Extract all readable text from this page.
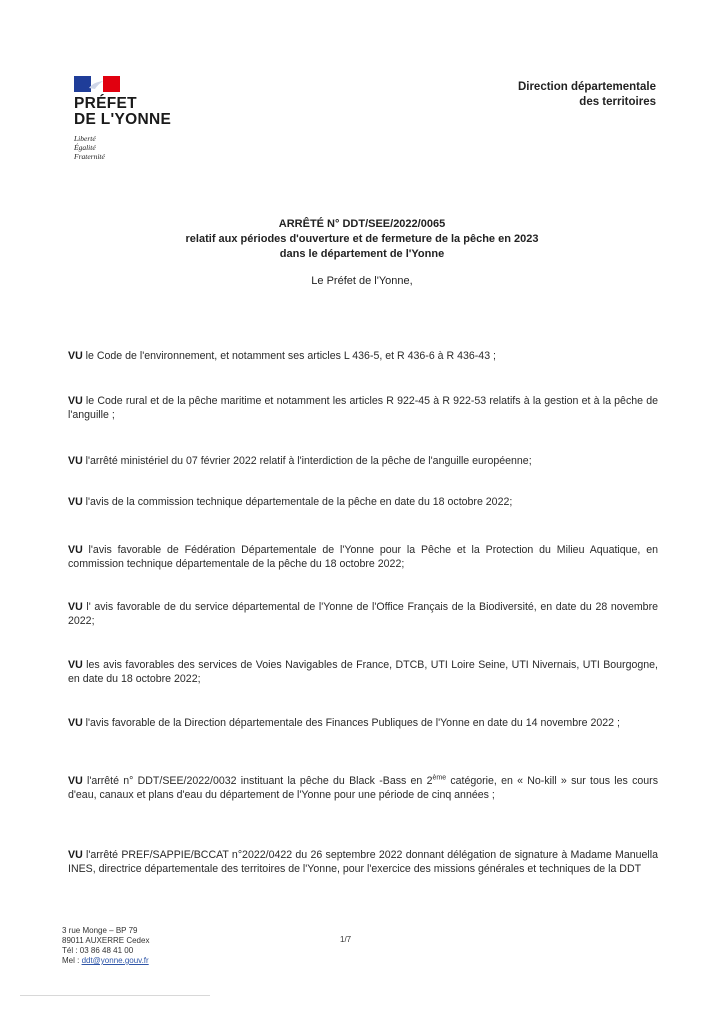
PRÉFET
DE L'YONNE
Liberté
Égalité
Fraternité
Direction départementale
des territoires
ARRÊTÉ N° DDT/SEE/2022/0065
relatif aux périodes d'ouverture et de fermeture de la pêche en 2023
dans le département de l'Yonne
Le Préfet de l'Yonne,
VU le Code de l'environnement, et notamment ses articles L 436-5, et R 436-6 à R 436-43 ;
VU le Code rural et de la pêche maritime et notamment les articles R 922-45 à R 922-53 relatifs à la gestion et à la pêche de l'anguille ;
VU l'arrêté ministériel du 07 février 2022 relatif à l'interdiction de la pêche de l'anguille européenne;
VU l'avis de la commission technique départementale de la pêche en date du 18 octobre 2022;
VU l'avis favorable de Fédération Départementale de l'Yonne pour la Pêche et la Protection du Milieu Aquatique, en commission technique départementale de la pêche du 18 octobre 2022;
VU l' avis favorable de du service départemental de l'Yonne de l'Office Français de la Biodiversité, en date du 28 novembre 2022;
VU les avis favorables des services de Voies Navigables de France, DTCB, UTI Loire Seine, UTI Nivernais, UTI Bourgogne, en date du 18 octobre 2022;
VU l'avis favorable de la Direction départementale des Finances Publiques de l'Yonne en date du 14 novembre 2022 ;
VU l'arrêté n° DDT/SEE/2022/0032 instituant la pêche du Black -Bass en 2ème catégorie, en « No-kill » sur tous les cours d'eau, canaux et plans d'eau du département de l'Yonne pour une période de cinq années ;
VU l'arrêté PREF/SAPPIE/BCCAT n°2022/0422 du 26 septembre 2022 donnant délégation de signature à Madame Manuella INES, directrice départementale des territoires de l'Yonne, pour l'exercice des missions générales et techniques de la DDT
3 rue Monge – BP 79
89011 AUXERRE Cedex
Tél : 03 86 48 41 00
Mel : ddt@yonne.gouv.fr
1/7
